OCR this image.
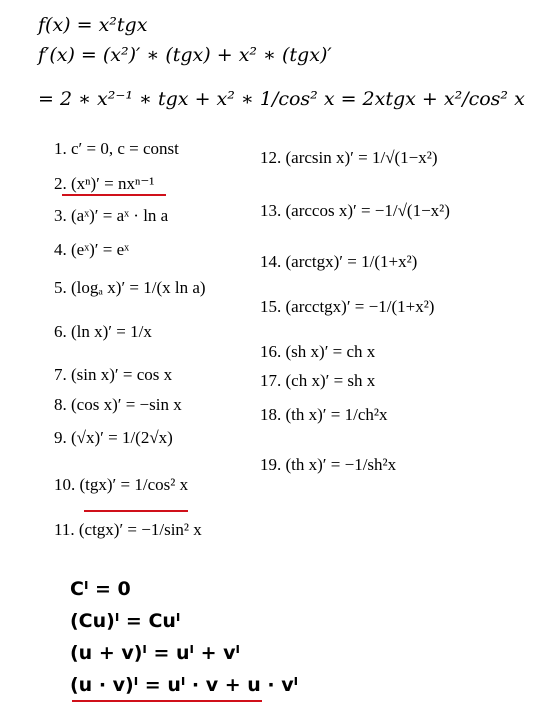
f(x) = x²tgx
f′(x) = (x²)′ ∗ (tgx) + x² ∗ (tgx)′
= 2 ∗ x²⁻¹ ∗ tgx + x² ∗ 1/cos² x = 2xtgx + x²/cos² x
1. c′ = 0, c = const
2. (xⁿ)′ = nxⁿ⁻¹
3. (aˣ)′ = aˣ · ln a
4. (eˣ)′ = eˣ
5. (logₐ x)′ = 1/(x ln a)
6. (ln x)′ = 1/x
7. (sin x)′ = cos x
8. (cos x)′ = −sin x
9. (√x)′ = 1/(2√x)
10. (tgx)′ = 1/cos² x
11. (ctgx)′ = −1/sin² x
12. (arcsin x)′ = 1/√(1−x²)
13. (arccos x)′ = −1/√(1−x²)
14. (arctgx)′ = 1/(1+x²)
15. (arcctgx)′ = −1/(1+x²)
16. (sh x)′ = ch x
17. (ch x)′ = sh x
18. (th x)′ = 1/ch²x
19. (th x)′ = −1/sh²x
Cᴵ = 0
(Cu)ᴵ = Cuᴵ
(u + v)ᴵ = uᴵ + vᴵ
(u · v)ᴵ = uᴵ · v + u · vᴵ
